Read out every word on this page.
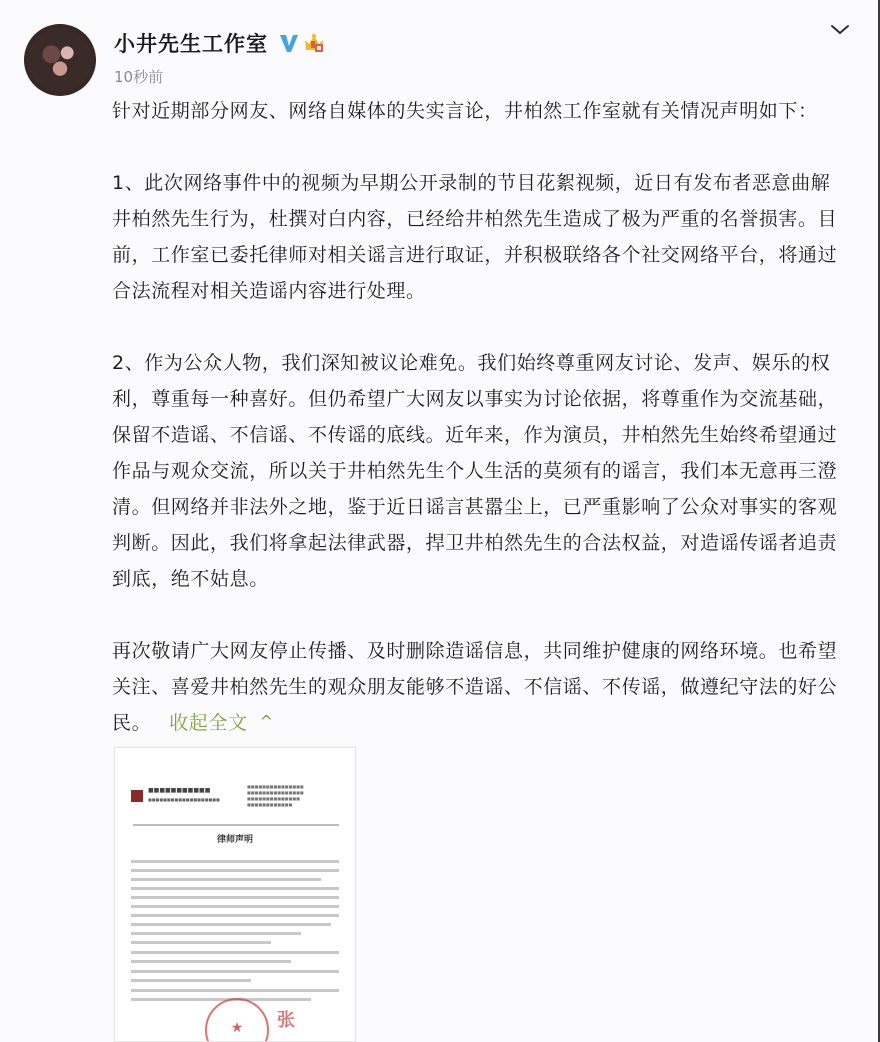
小井先生工作室
10秒前

针对近期部分网友、网络自媒体的失实言论，井柏然工作室就有关情况声明如下：

1、此次网络事件中的视频为早期公开录制的节目花絮视频，近日有发布者恶意曲解井柏然先生行为，杜撰对白内容，已经给井柏然先生造成了极为严重的名誉损害。目前，工作室已委托律师对相关谣言进行取证，并积极联络各个社交网络平台，将通过合法流程对相关造谣内容进行处理。

2、作为公众人物，我们深知被议论难免。我们始终尊重网友讨论、发声、娱乐的权利，尊重每一种喜好。但仍希望广大网友以事实为讨论依据，将尊重作为交流基础，保留不造谣、不信谣、不传谣的底线。近年来，作为演员，井柏然先生始终希望通过作品与观众交流，所以关于井柏然先生个人生活的莫须有的谣言，我们本无意再三澄清。但网络并非法外之地，鉴于近日谣言甚嚣尘上，已严重影响了公众对事实的客观判断。因此，我们将拿起法律武器，捍卫井柏然先生的合法权益，对造谣传谣者追责到底，绝不姑息。

再次敬请广大网友停止传播、及时删除造谣信息，共同维护健康的网络环境。也希望关注、喜爱井柏然先生的观众朋友能够不造谣、不信谣、不传谣，做遵纪守法的好公民。 收起全文 ^

■■■■■■■■■■■
■■■■■■■■■■■■■■■■■■■
■■■■■■■■■■■■■■■ ■■■■■■■■■■■■■■■ ■■■■■■■■■■■■■■ ■■■■■■■■■■■■
律师声明
★	张
